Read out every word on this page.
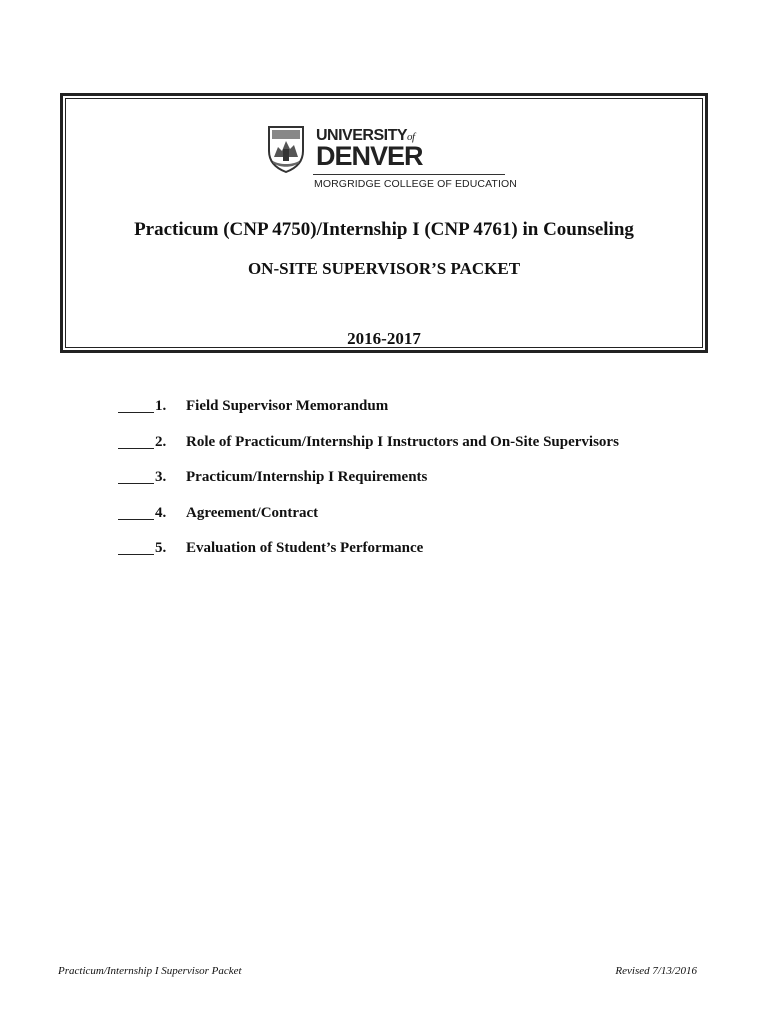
UNIVERSITYof
DENVER
MORGRIDGE COLLEGE OF EDUCATION
Practicum (CNP 4750)/Internship I (CNP 4761) in Counseling
ON-SITE SUPERVISOR’S PACKET
2016-2017
1. Field Supervisor Memorandum
2. Role of Practicum/Internship I Instructors and On-Site Supervisors
3. Practicum/Internship I Requirements
4. Agreement/Contract
5. Evaluation of Student’s Performance
Practicum/Internship I Supervisor Packet	Revised 7/13/2016
